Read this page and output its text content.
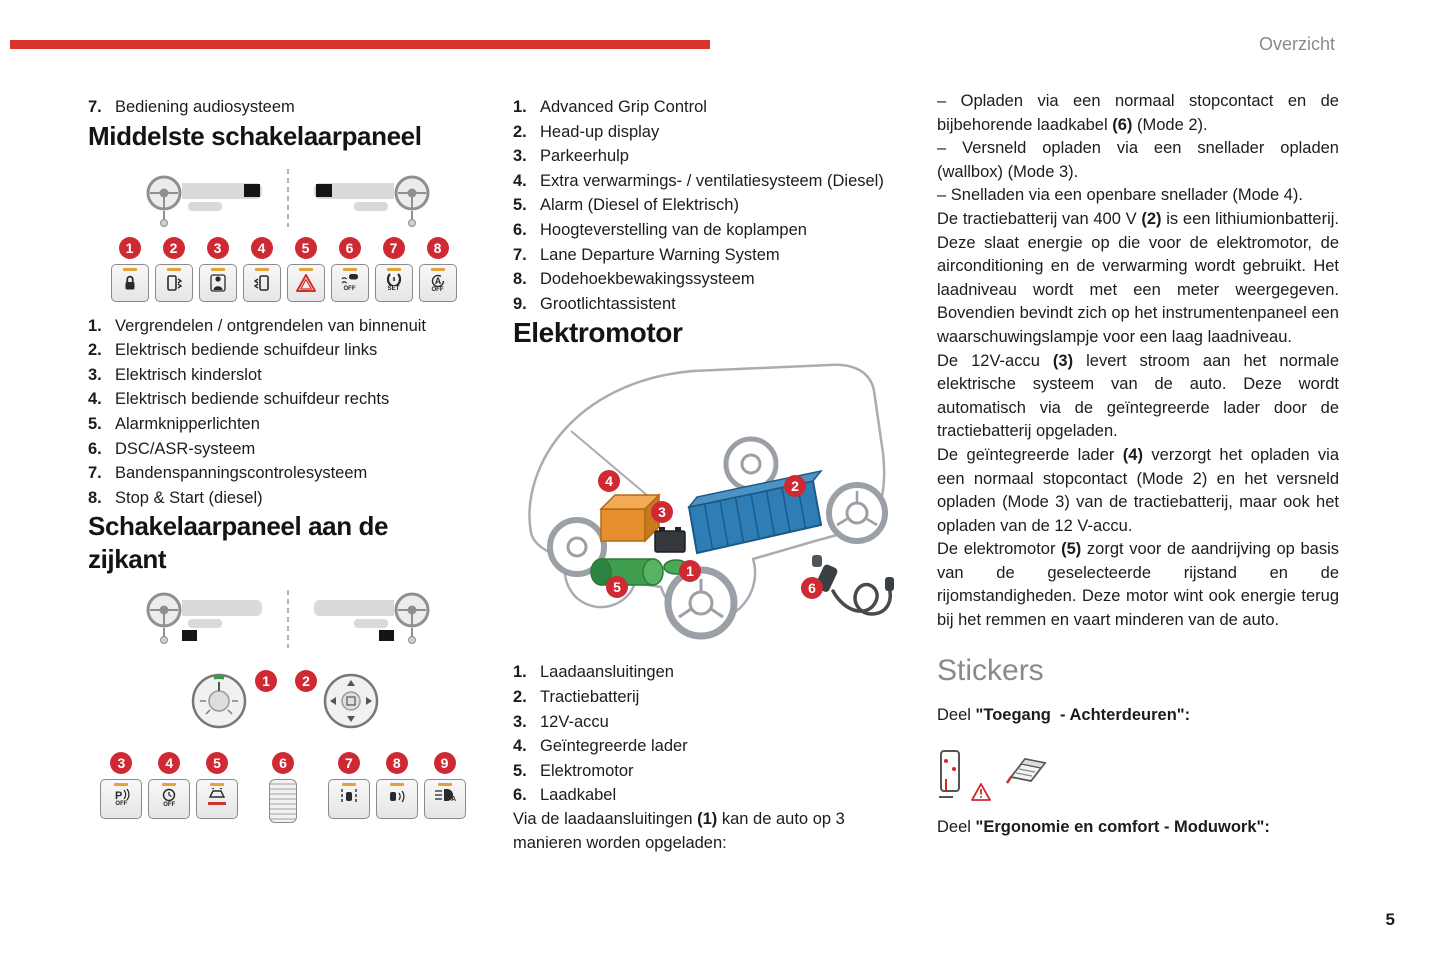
Overzicht
7. Bediening audiosysteem
Middelste schakelaarpaneel
1	2	3	4	5	6
OFF
7
SET
8
A
OFF
1. Vergrendelen / ontgrendelen van binnenuit
2. Elektrisch bediende schuifdeur links
3. Elektrisch kinderslot
4. Elektrisch bediende schuifdeur rechts
5. Alarmknipperlichten
6. DSC/ASR-systeem
7. Bandenspanningscontrolesysteem
8. Stop & Start (diesel)
Schakelaarpaneel aan de zijkant
1	2
3
P
OFF
4
OFF
5	6	7	8	9
A
1. Advanced Grip Control
2. Head-up display
3. Parkeerhulp
4. Extra verwarmings- / ventilatiesysteem (Diesel)
5. Alarm (Diesel of Elektrisch)
6. Hoogteverstelling van de koplampen
7. Lane Departure Warning System
8. Dodehoekbewakingssysteem
9. Grootlichtassistent
Elektromotor
1
2
3
4
5	6
1. Laadaansluitingen
2. Tractiebatterij
3. 12V-accu
4. Geïntegreerde lader
5. Elektromotor
6. Laadkabel

Via de laadaansluitingen (1) kan de auto op 3 manieren worden opgeladen:

– Opladen via een normaal stopcontact en de bijbehorende laadkabel (6) (Mode 2).

– Versneld opladen via een snellader opladen (wallbox) (Mode 3).

– Snelladen via een openbare snellader (Mode 4).

De tractiebatterij van 400 V (2) is een lithiumionbatterij. Deze slaat energie op die voor de elektromotor, de airconditioning en de verwarming wordt gebruikt. Het laadniveau wordt met een meter weergegeven. Bovendien bevindt zich op het instrumentenpaneel een waarschuwingslampje voor een laag laadniveau.

De 12V-accu (3) levert stroom aan het normale elektrische systeem van de auto. Deze wordt automatisch via de geïntegreerde lader door de tractiebatterij opgeladen.

De geïntegreerde lader (4) verzorgt het opladen via een normaal stopcontact (Mode 2) en het versneld opladen (Mode 3) van de tractiebatterij, maar ook het opladen van de 12 V-accu.

De elektromotor (5) zorgt voor de aandrijving op basis van de geselecteerde rijstand en de rijomstandigheden. Deze motor wint ook energie terug bij het remmen en vaart minderen van de auto.

Stickers
Deel "Toegang  - Achterdeuren":
Deel "Ergonomie en comfort - Moduwork":
5
